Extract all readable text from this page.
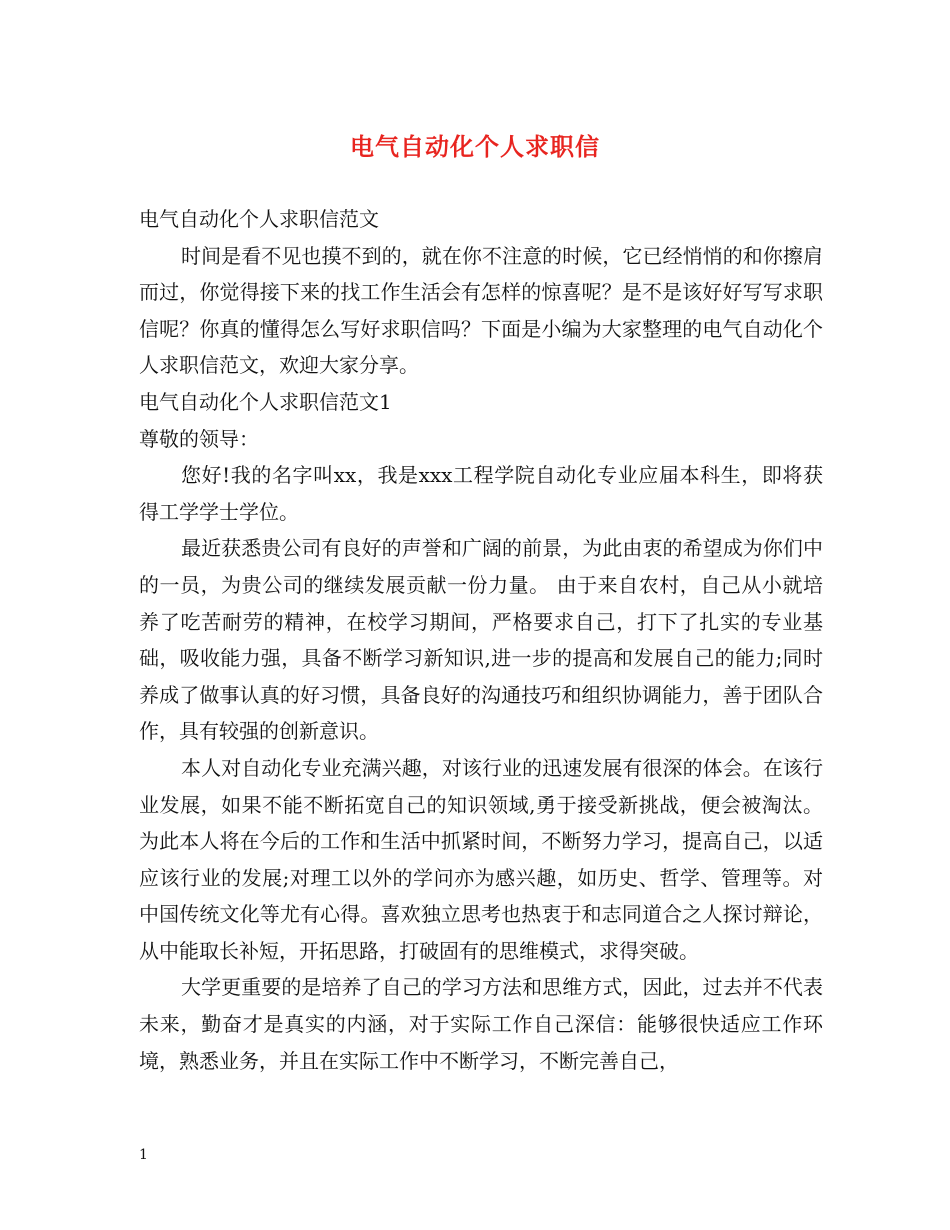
电气自动化个人求职信

电气自动化个人求职信范文

时间是看不见也摸不到的，就在你不注意的时候，它已经悄悄的和你擦肩而过，你觉得接下来的找工作生活会有怎样的惊喜呢？是不是该好好写写求职信呢？你真的懂得怎么写好求职信吗？下面是小编为大家整理的电气自动化个人求职信范文，欢迎大家分享。

电气自动化个人求职信范文1

尊敬的领导：

您好!我的名字叫xx，我是xxx工程学院自动化专业应届本科生，即将获得工学学士学位。

最近获悉贵公司有良好的声誉和广阔的前景，为此由衷的希望成为你们中的一员，为贵公司的继续发展贡献一份力量。 由于来自农村，自己从小就培养了吃苦耐劳的精神，在校学习期间，严格要求自己，打下了扎实的专业基础，吸收能力强，具备不断学习新知识,进一步的提高和发展自己的能力;同时养成了做事认真的好习惯，具备良好的沟通技巧和组织协调能力，善于团队合作，具有较强的创新意识。

本人对自动化专业充满兴趣，对该行业的迅速发展有很深的体会。在该行业发展，如果不能不断拓宽自己的知识领域,勇于接受新挑战，便会被淘汰。为此本人将在今后的工作和生活中抓紧时间，不断努力学习，提高自己，以适应该行业的发展;对理工以外的学问亦为感兴趣，如历史、哲学、管理等。对中国传统文化等尤有心得。喜欢独立思考也热衷于和志同道合之人探讨辩论，从中能取长补短，开拓思路，打破固有的思维模式，求得突破。

大学更重要的是培养了自己的学习方法和思维方式，因此，过去并不代表未来，勤奋才是真实的内涵，对于实际工作自己深信：能够很快适应工作环境，熟悉业务，并且在实际工作中不断学习，不断完善自己，

1
